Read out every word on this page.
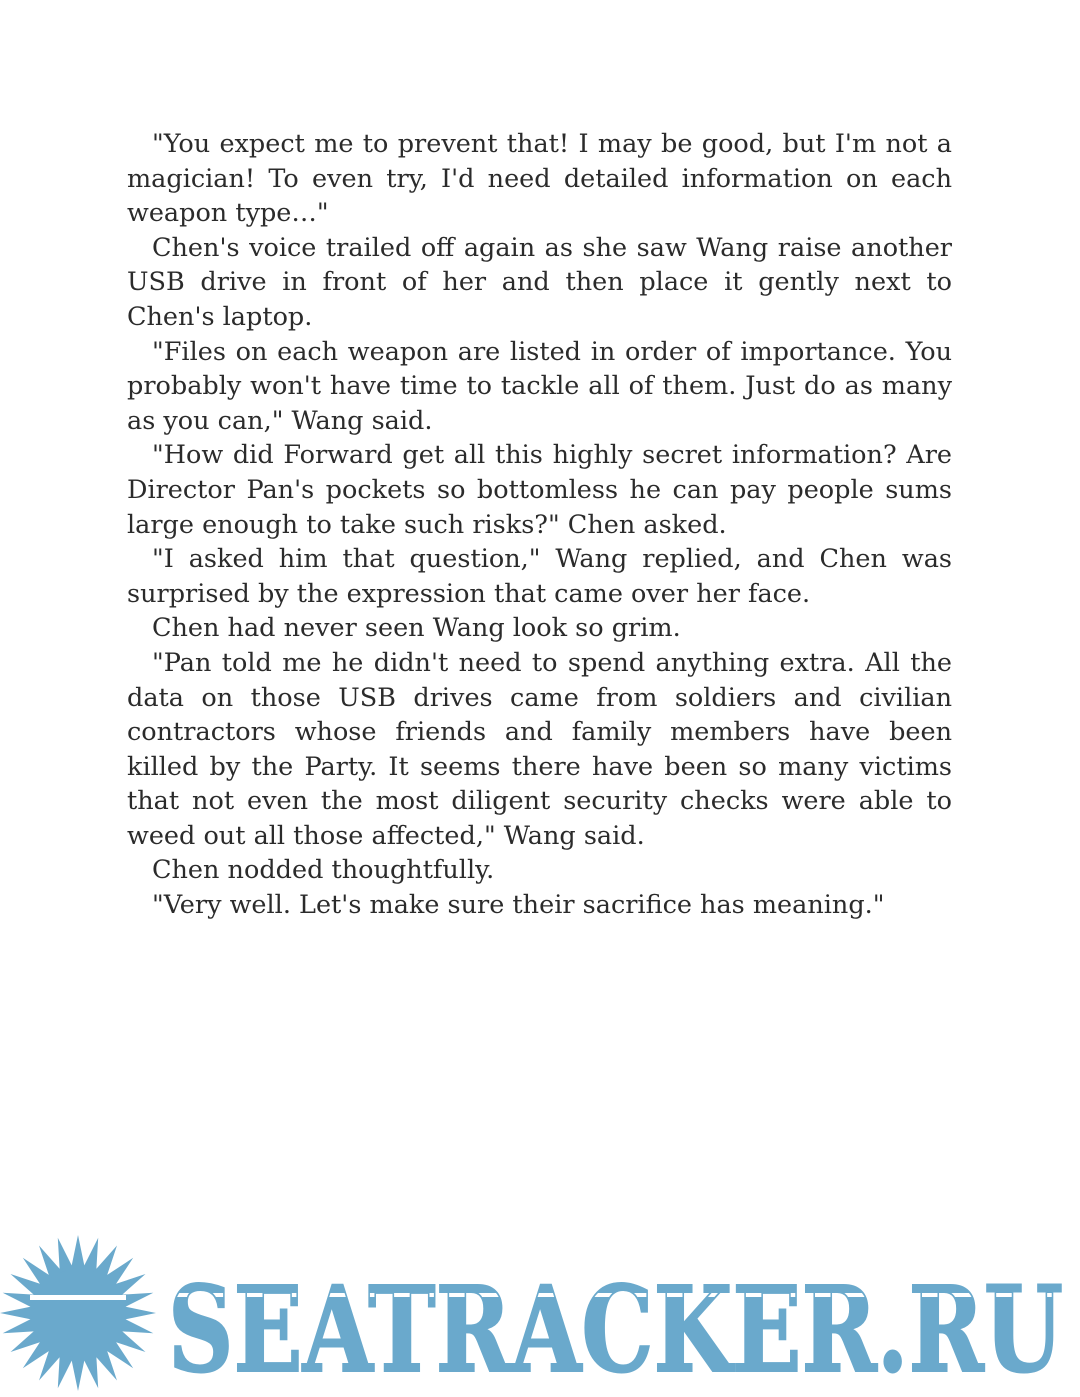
"You expect me to prevent that! I may be good, but I'm not a magician! To even try, I'd need detailed information on each weapon type…"

Chen's voice trailed off again as she saw Wang raise another USB drive in front of her and then place it gently next to Chen's laptop.

"Files on each weapon are listed in order of importance. You probably won't have time to tackle all of them. Just do as many as you can," Wang said.

"How did Forward get all this highly secret information? Are Director Pan's pockets so bottomless he can pay people sums large enough to take such risks?" Chen asked.

"I asked him that question," Wang replied, and Chen was surprised by the expression that came over her face.

Chen had never seen Wang look so grim.

"Pan told me he didn't need to spend anything extra. All the data on those USB drives came from soldiers and civilian contractors whose friends and family members have been killed by the Party. It seems there have been so many victims that not even the most diligent security checks were able to weed out all those affected," Wang said.

Chen nodded thoughtfully.

"Very well. Let's make sure their sacrifice has meaning."

SEATRACKER.RU
